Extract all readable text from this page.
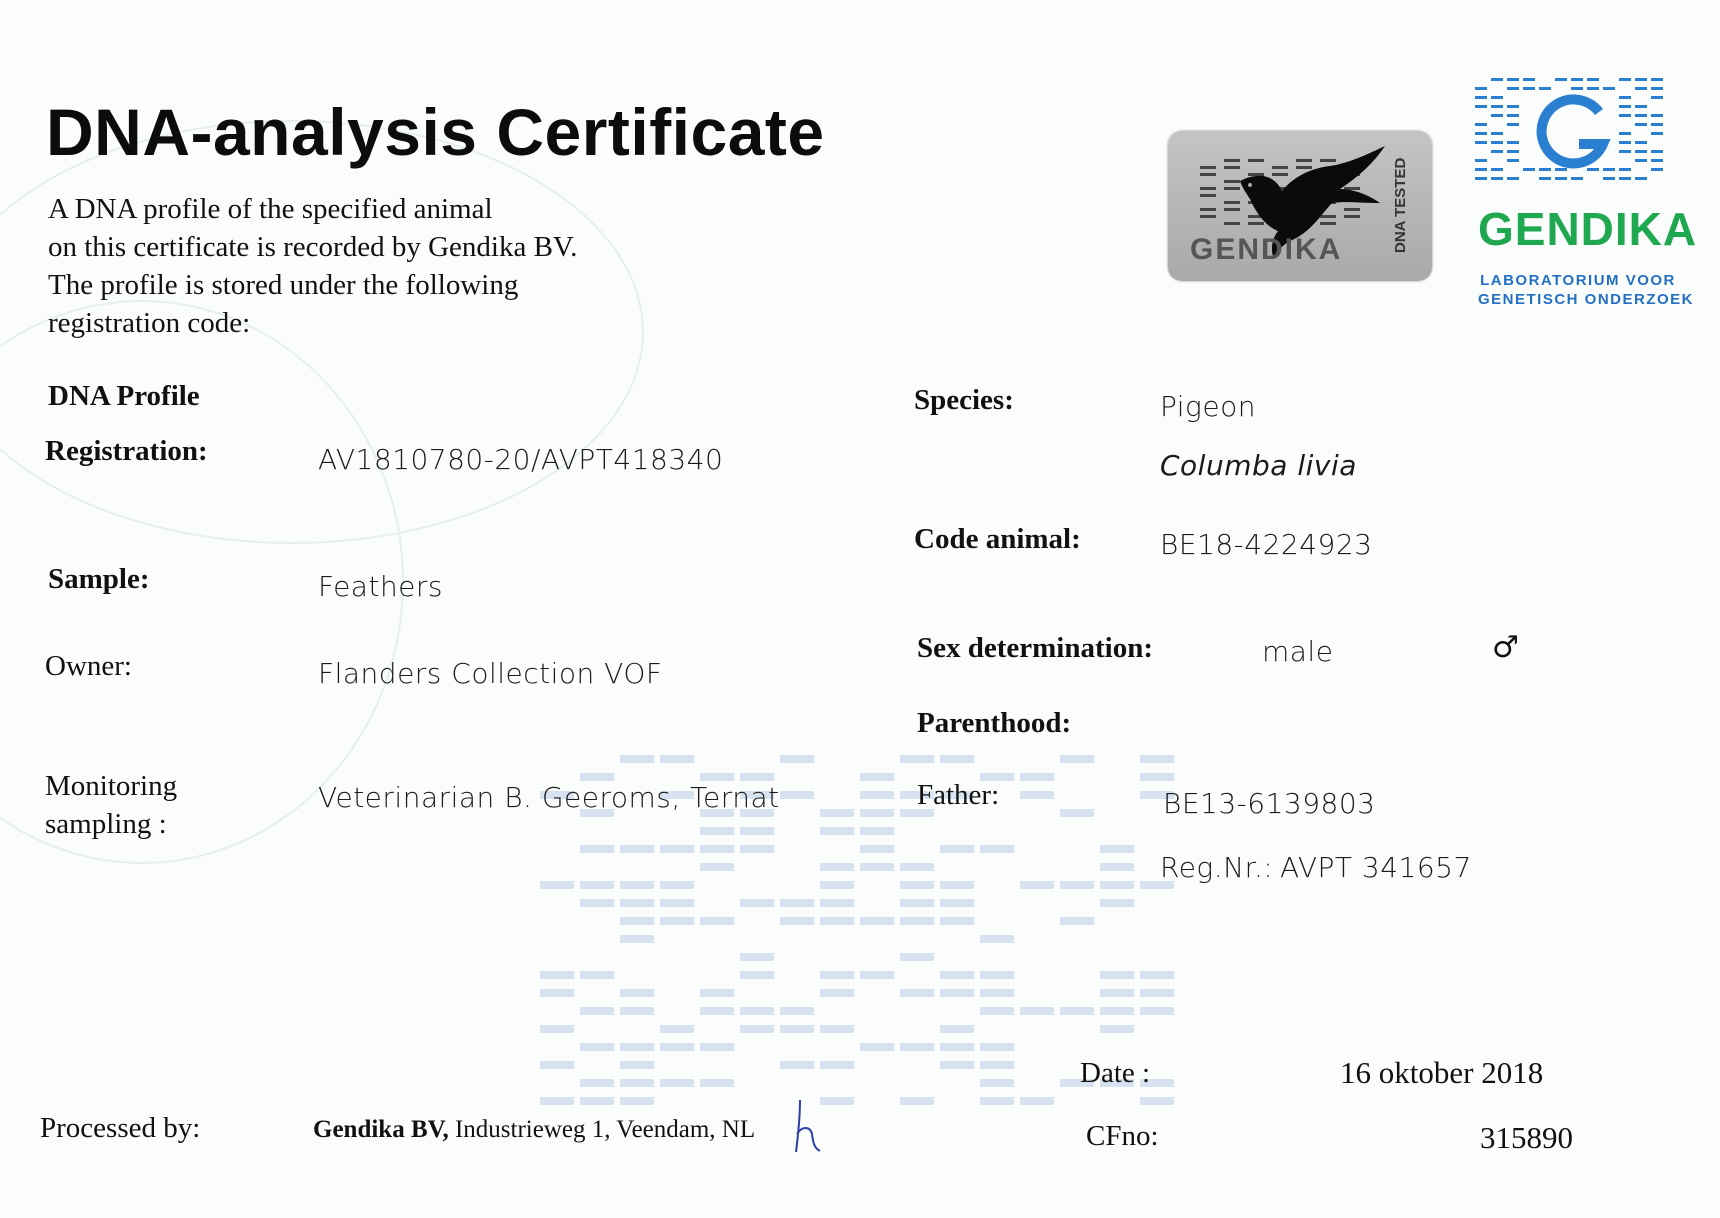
DNA-analysis Certificate
A DNA profile of the specified animal
on this certificate is recorded by Gendika BV.
The profile is stored under the following
registration code:
GENDIKA	DNA TESTED GENDIKA
LABORATORIUM VOOR
GENETISCH ONDERZOEK
DNA Profile
Registration:	AV1810780-20/AVPT418340
Sample:	Feathers
Owner:	Flanders Collection VOF
Monitoring
sampling :
Veterinarian B. Geeroms, Ternat
Species:	Pigeon
Columba livia
Code animal:	BE18-4224923
Sex determination:	male	♂
Parenthood:
Father:	BE13-6139803
Reg.Nr.: AVPT 341657
Processed by:	Gendika BV, Industrieweg 1, Veendam, NL
Date :	16 oktober 2018
CFno:	315890
